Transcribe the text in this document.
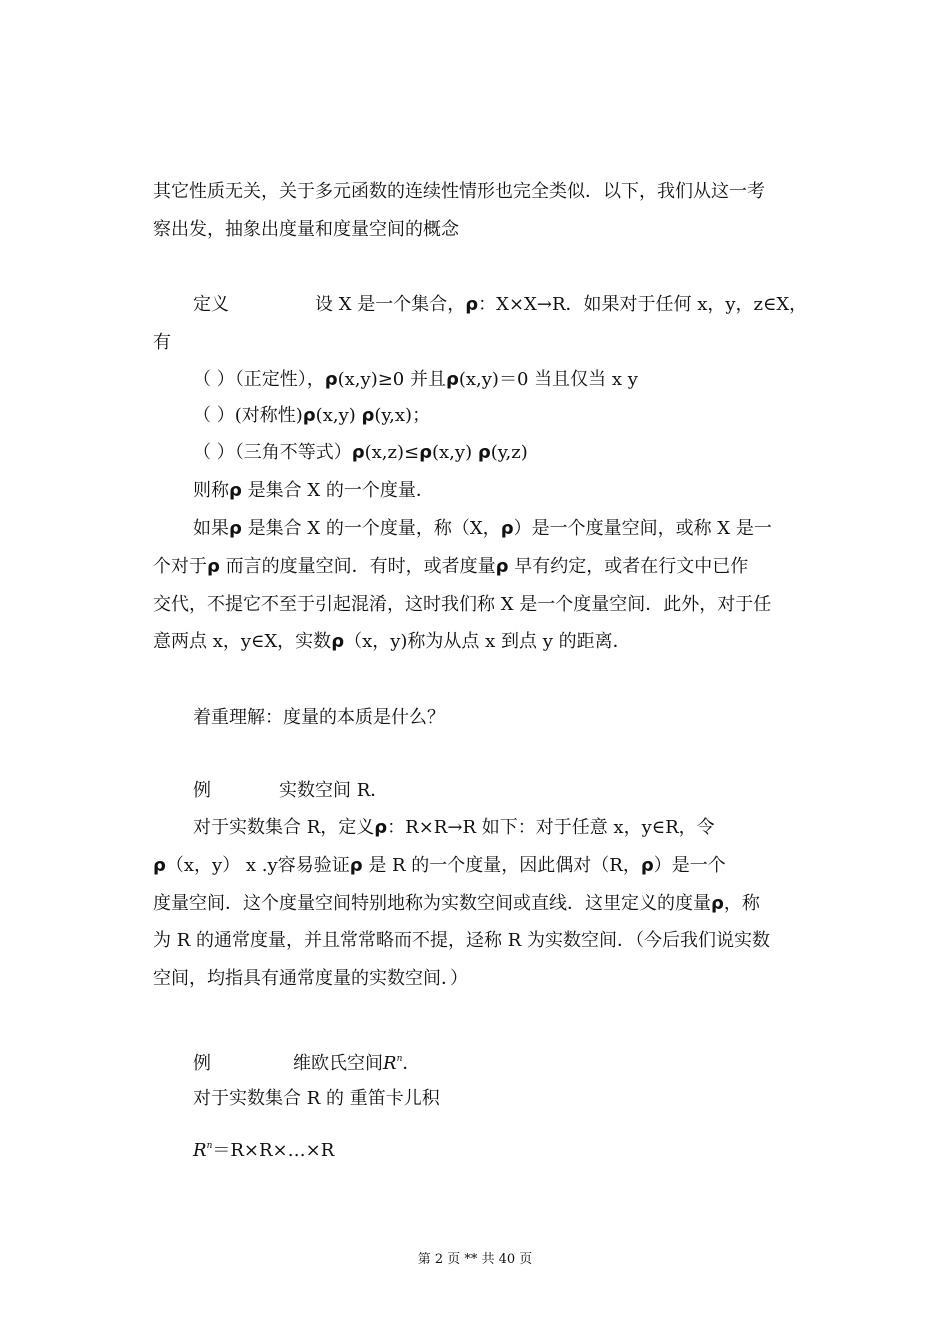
其它性质无关，关于多元函数的连续性情形也完全类似．以下，我们从这一考
察出发，抽象出度量和度量空间的概念
定义	设 X 是一个集合，ρ：X×X→R．如果对于任何 x，y，z∈X，
有
（ ）（正定性），ρ(x,y)≥0 并且ρ(x,y)＝0 当且仅当 x y
（ ）(对称性)ρ(x,y) ρ(y,x)；
（ ）（三角不等式）ρ(x,z)≤ρ(x,y) ρ(y,z)
则称ρ 是集合 X 的一个度量．
如果ρ 是集合 X 的一个度量，称（X，ρ）是一个度量空间，或称 X 是一
个对于ρ 而言的度量空间．有时，或者度量ρ 早有约定，或者在行文中已作
交代，不提它不至于引起混淆，这时我们称 X 是一个度量空间．此外，对于任
意两点 x，y∈X，实数ρ（x，y)称为从点 x 到点 y 的距离．
着重理解：度量的本质是什么？
例	实数空间 R．
对于实数集合 R，定义ρ：R×R→R 如下：对于任意 x，y∈R，令
ρ（x，y） x .y容易验证ρ 是 R 的一个度量，因此偶对（R，ρ）是一个
度量空间．这个度量空间特别地称为实数空间或直线．这里定义的度量ρ，称
为 R 的通常度量，并且常常略而不提，迳称 R 为实数空间．（今后我们说实数
空间，均指具有通常度量的实数空间．）
例	维欧氏空间$R^n$．
对于实数集合 R 的 重笛卡儿积
$R^n=R\times R\times\dots\times R$
第 2 页 ** 共 40 页
